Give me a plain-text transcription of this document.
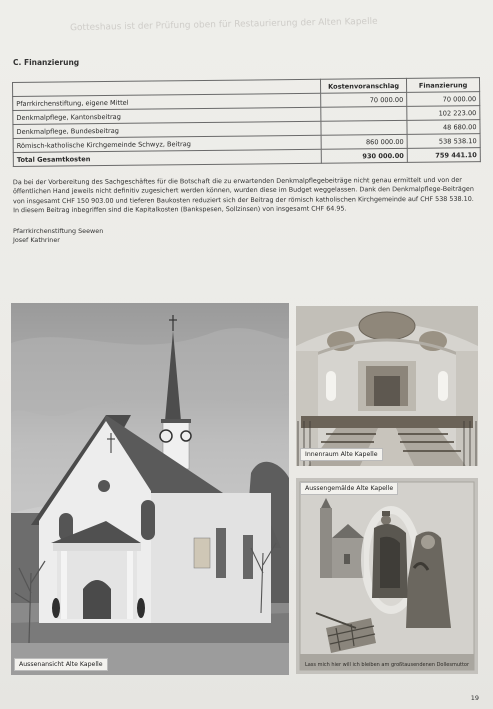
Gotteshaus ist der Prüfung oben für Restaurierung der Alten Kapelle
C. Finanzierung
	Kostenvoranschlag	Finanzierung
Pfarrkirchenstiftung, eigene Mittel	70 000.00	70 000.00
Denkmalpflege, Kantonsbeitrag		102 223.00
Denkmalpflege, Bundesbeitrag		48 680.00
Römisch-katholische Kirchgemeinde Schwyz, Beitrag	860 000.00	538 538.10
Total Gesamtkosten	930 000.00	759 441.10
Da bei der Vorbereitung des Sachgeschäftes für die Botschaft die zu erwartenden Denkmalpflegebeiträge nicht genau ermittelt und von der öffentlichen Hand jeweils nicht definitiv zugesichert werden können, wurden diese im Budget weggelassen. Dank den Denkmalpflege-Beiträgen von insgesamt CHF 150 903.00 und tieferen Baukosten reduziert sich der Beitrag der römisch katholischen Kirchgemeinde auf CHF 538 538.10. In diesem Beitrag inbegriffen sind die Kapitalkosten (Bankspesen, Sollzinsen) von insgesamt CHF 64.95.
Pfarrkirchenstiftung Seewen
Josef Kathriner
Aussenansicht Alte Kapelle
Innenraum Alte Kapelle
Aussengemälde Alte Kapelle
Lass mich hier will ich bleiben am großtausendenen Dollesmuttor
19
